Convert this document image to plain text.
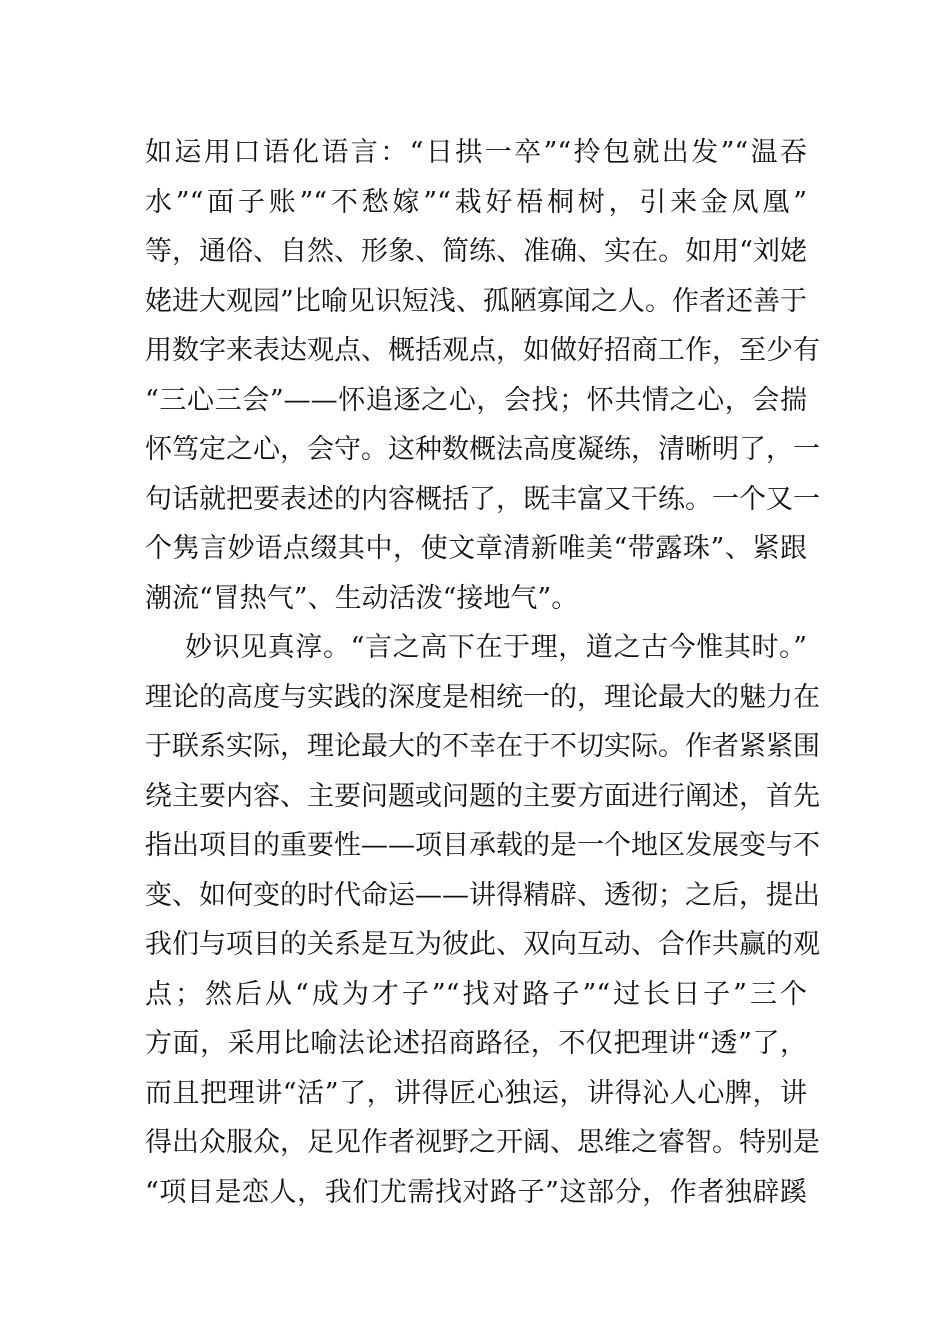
如运用口语化语言：“日拱一卒”“拎包就出发”“温吞
水”“面子账”“不愁嫁”“栽好梧桐树，引来金凤凰”
等，通俗、自然、形象、简练、准确、实在。如用“刘姥
姥进大观园”比喻见识短浅、孤陋寡闻之人。作者还善于
用数字来表达观点、概括观点，如做好招商工作，至少有
“三心三会”——怀追逐之心，会找；怀共情之心，会揣
怀笃定之心，会守。这种数概法高度凝练，清晰明了，一
句话就把要表述的内容概括了，既丰富又干练。一个又一
个隽言妙语点缀其中，使文章清新唯美“带露珠”、紧跟
潮流“冒热气”、生动活泼“接地气”。
妙识见真淳。“言之高下在于理，道之古今惟其时。”
理论的高度与实践的深度是相统一的，理论最大的魅力在
于联系实际，理论最大的不幸在于不切实际。作者紧紧围
绕主要内容、主要问题或问题的主要方面进行阐述，首先
指出项目的重要性——项目承载的是一个地区发展变与不
变、如何变的时代命运——讲得精辟、透彻；之后，提出
我们与项目的关系是互为彼此、双向互动、合作共赢的观
点；然后从“成为才子”“找对路子”“过长日子”三个
方面，采用比喻法论述招商路径，不仅把理讲“透”了，
而且把理讲“活”了，讲得匠心独运，讲得沁人心脾，讲
得出众服众，足见作者视野之开阔、思维之睿智。特别是
“项目是恋人，我们尤需找对路子”这部分，作者独辟蹊
